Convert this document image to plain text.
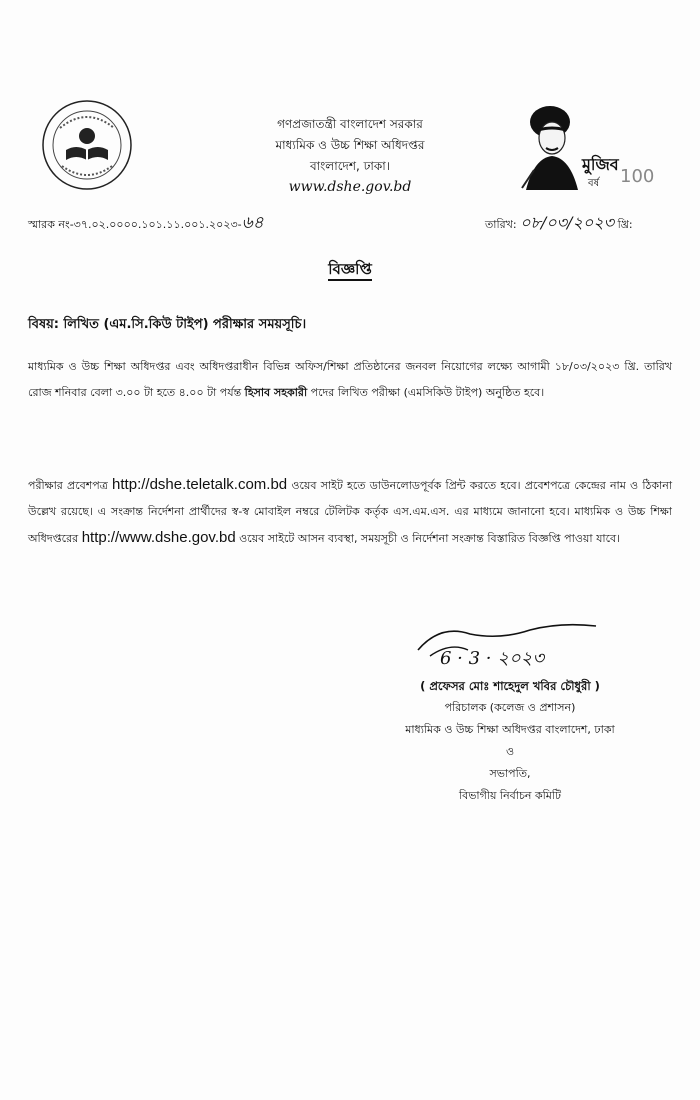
মুজিব
বর্ষ 100
গণপ্রজাতন্ত্রী বাংলাদেশ সরকার
মাধ্যমিক ও উচ্চ শিক্ষা অধিদপ্তর
বাংলাদেশ, ঢাকা।
www.dshe.gov.bd
স্মারক নং-৩৭.০২.০০০০.১০১.১১.০০১.২০২৩-৬৪	তারিখ: ০৮/০৩/২০২৩ খ্রি:
বিজ্ঞপ্তি
বিষয়: লিখিত (এম.সি.কিউ টাইপ) পরীক্ষার সময়সূচি।
মাধ্যমিক ও উচ্চ শিক্ষা অধিদপ্তর এবং অধিদপ্তরাধীন বিভিন্ন অফিস/শিক্ষা প্রতিষ্ঠানের জনবল নিয়োগের লক্ষ্যে আগামী ১৮/০৩/২০২৩ খ্রি. তারিখ রোজ শনিবার বেলা ৩.০০ টা হতে ৪.০০ টা পর্যন্ত হিসাব সহকারী পদের লিখিত পরীক্ষা (এমসিকিউ টাইপ) অনুষ্ঠিত হবে।
পরীক্ষার প্রবেশপত্র http://dshe.teletalk.com.bd ওয়েব সাইট হতে ডাউনলোডপূর্বক প্রিন্ট করতে হবে। প্রবেশপত্রে কেন্দ্রের নাম ও ঠিকানা উল্লেখ রয়েছে। এ সংক্রান্ত নির্দেশনা প্রার্থীদের স্ব-স্ব মোবাইল নম্বরে টেলিটক কর্তৃক এস.এম.এস. এর মাধ্যমে জানানো হবে। মাধ্যমিক ও উচ্চ শিক্ষা অধিদপ্তরের http://www.dshe.gov.bd ওয়েব সাইটে আসন ব্যবস্থা, সময়সূচী ও নির্দেশনা সংক্রান্ত বিস্তারিত বিজ্ঞপ্তি পাওয়া যাবে।
6 · 3 · ২০২৩
( প্রফেসর মোঃ শাহেদুল খবির চৌধুরী )
পরিচালক (কলেজ ও প্রশাসন)
মাধ্যমিক ও উচ্চ শিক্ষা অধিদপ্তর বাংলাদেশ, ঢাকা
ও
সভাপতি,
বিভাগীয় নির্বাচন কমিটি
